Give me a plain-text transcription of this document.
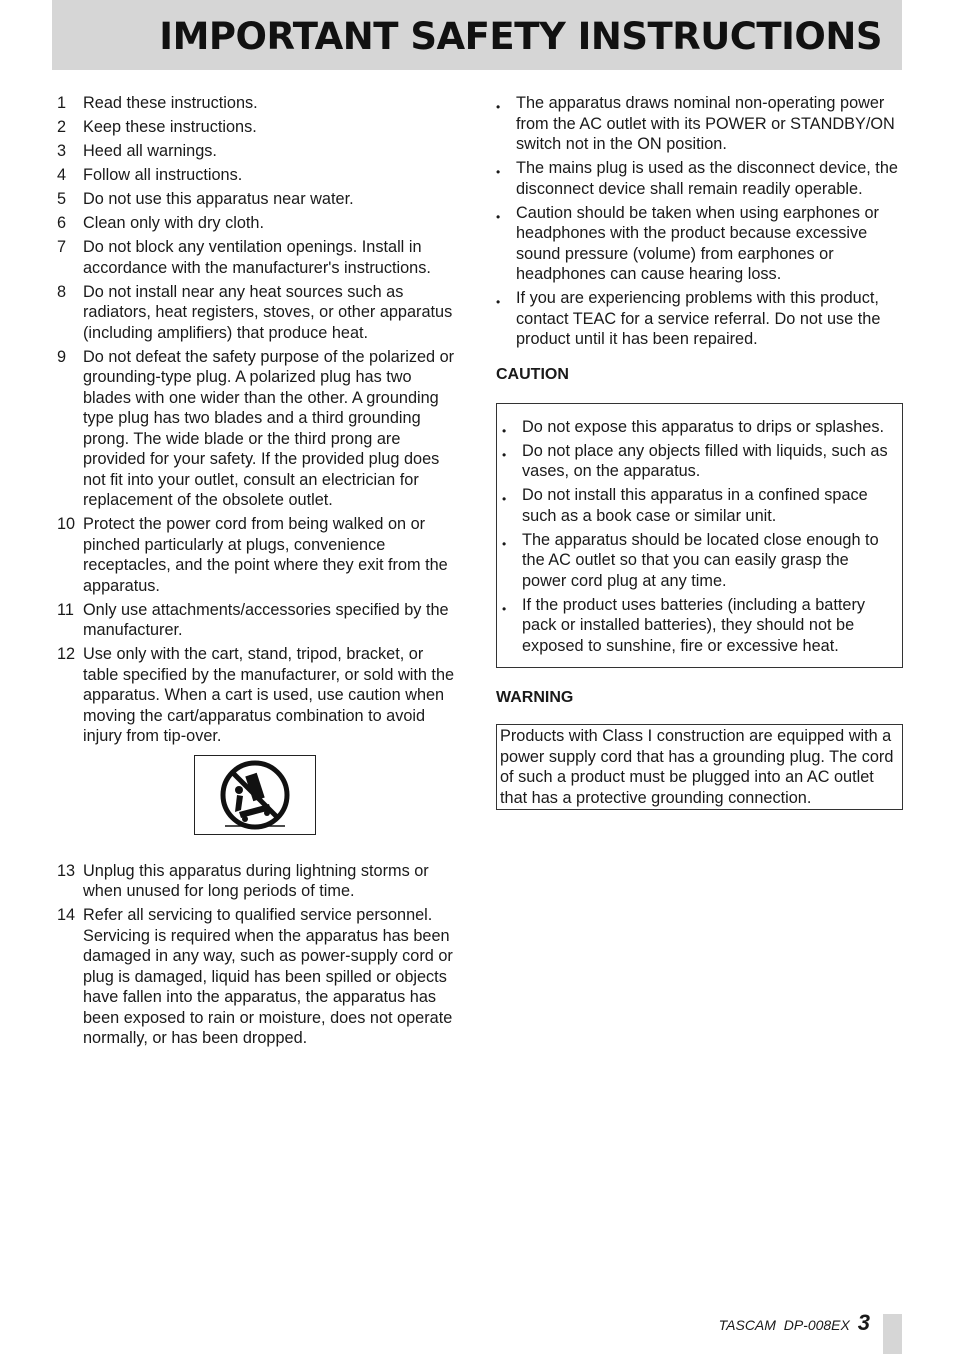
IMPORTANT SAFETY INSTRUCTIONS
1 Read these instructions.
2 Keep these instructions.
3 Heed all warnings.
4 Follow all instructions.
5 Do not use this apparatus near water.
6 Clean only with dry cloth.
7 Do not block any ventilation openings. Install in accordance with the manufacturer's instructions.
8 Do not install near any heat sources such as radiators, heat registers, stoves, or other apparatus (including amplifiers) that produce heat.
9 Do not defeat the safety purpose of the polarized or grounding-type plug. A polarized plug has two blades with one wider than the other. A grounding type plug has two blades and a third grounding prong. The wide blade or the third prong are provided for your safety. If the provided plug does not fit into your outlet, consult an electrician for replacement of the obsolete outlet.
10 Protect the power cord from being walked on or pinched particularly at plugs, convenience receptacles, and the point where they exit from the apparatus.
11 Only use attachments/accessories specified by the manufacturer.
12 Use only with the cart, stand, tripod, bracket, or table specified by the manufacturer, or sold with the apparatus. When a cart is used, use caution when moving the cart/apparatus combination to avoid injury from tip-over.
13 Unplug this apparatus during lightning storms or when unused for long periods of time.
14 Refer all servicing to qualified service personnel. Servicing is required when the apparatus has been damaged in any way, such as power-supply cord or plug is damaged, liquid has been spilled or objects have fallen into the apparatus, the apparatus has been exposed to rain or moisture, does not operate normally, or has been dropped.
• The apparatus draws nominal non-operating power from the AC outlet with its POWER or STANDBY/ON switch not in the ON position.
• The mains plug is used as the disconnect device, the disconnect device shall remain readily operable.
• Caution should be taken when using earphones or headphones with the product because excessive sound pressure (volume) from earphones or headphones can cause hearing loss.
• If you are experiencing problems with this product, contact TEAC for a service referral. Do not use the product until it has been repaired.
CAUTION
• Do not expose this apparatus to drips or splashes.
• Do not place any objects filled with liquids, such as vases, on the apparatus.
• Do not install this apparatus in a confined space such as a book case or similar unit.
• The apparatus should be located close enough to the AC outlet so that you can easily grasp the power cord plug at any time.
• If the product uses batteries (including a battery pack or installed batteries), they should not be exposed to sunshine, fire or excessive heat.
WARNING
Products with Class Ⅰ construction are equipped with a power supply cord that has a grounding plug. The cord of such a product must be plugged into an AC outlet that has a protective grounding connection.
TASCAM  DP-008EX 3
